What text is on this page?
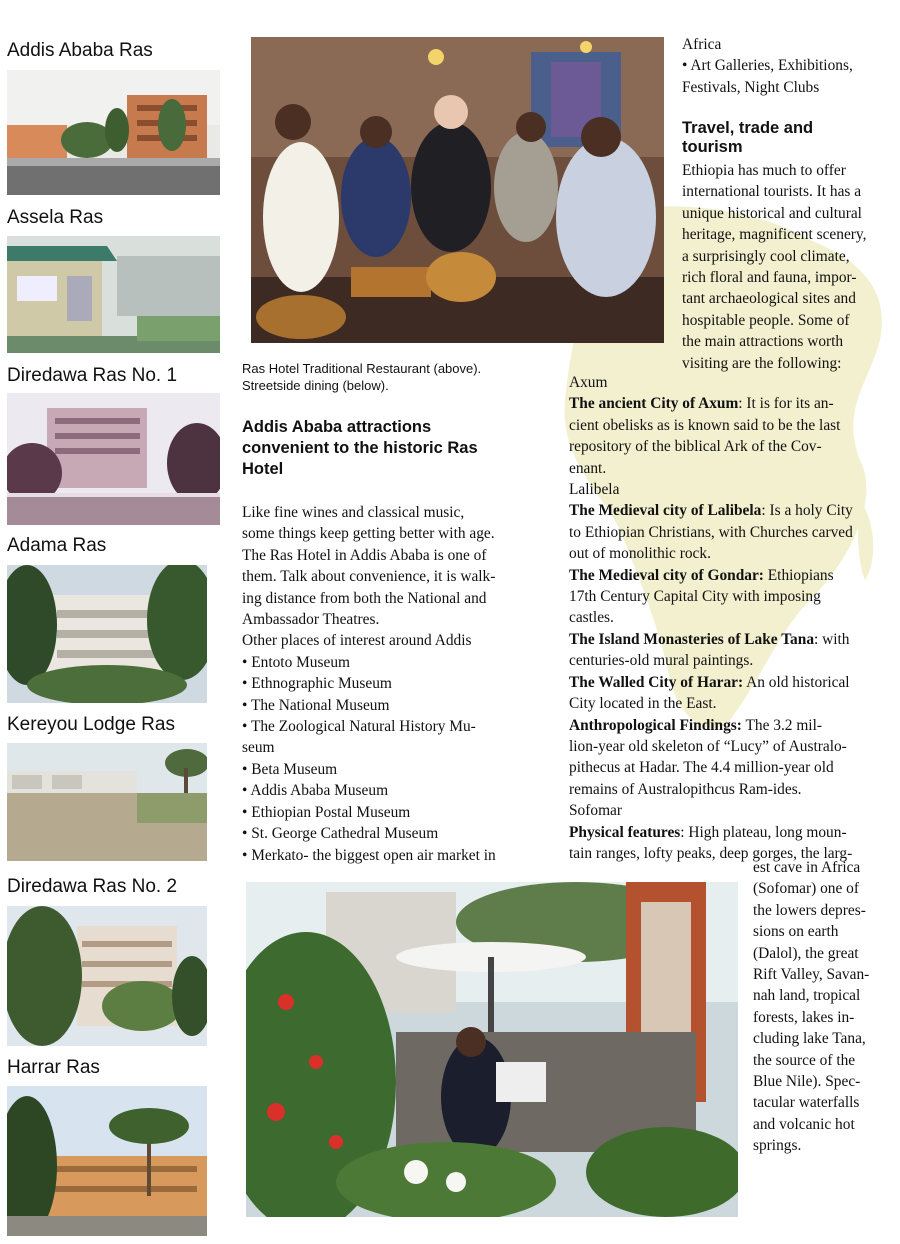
Addis Ababa Ras
Assela Ras
Diredawa Ras No. 1
Adama Ras
Kereyou Lodge Ras
Diredawa Ras No. 2
Harrar Ras
Ras Hotel Traditional Restaurant (above).
Streetside dining (below).

Africa

• Art Galleries, Exhibitions,

Festivals, Night Clubs

Travel, trade and
tourism

Ethiopia has much to offer

international tourists. It has a

unique historical and cultural

heritage, magnificent scenery,

a surprisingly cool climate,

rich floral and fauna, impor-

tant archaeological sites and

hospitable people. Some of

the main attractions worth

visiting are the following:

Addis Ababa attractions
convenient to the historic Ras
Hotel

Like fine wines and classical music,

some things keep getting better with age.

The Ras Hotel in Addis Ababa is one of

them. Talk about convenience, it is walk-

ing distance from both the National and

Ambassador Theatres.

Other places of interest around Addis

• Entoto Museum

• Ethnographic Museum

• The National Museum

• The Zoological Natural History Mu-

seum

• Beta Museum

• Addis Ababa Museum

• Ethiopian Postal Museum

• St. George Cathedral Museum

• Merkato- the biggest open air market in

Axum

The ancient City of Axum: It is for its an-

cient obelisks as is known said to be the last

repository of the biblical Ark of the Cov-

enant.

Lalibela

The Medieval city of Lalibela: Is a holy City

to Ethiopian Christians, with Churches carved

out of monolithic rock.

The Medieval city of Gondar: Ethiopians

17th Century Capital City with imposing

castles.

The Island Monasteries of Lake Tana: with

centuries-old mural paintings.

The Walled City of Harar: An old historical

City located in the East.

Anthropological Findings: The 3.2 mil-

lion-year old skeleton of “Lucy” of Australo-

pithecus at Hadar. The 4.4 million-year old

remains of Australopithcus Ram-ides.

Sofomar

Physical features: High plateau, long moun-

tain ranges, lofty peaks, deep gorges, the larg-

est cave in Africa

(Sofomar) one of

the lowers depres-

sions on earth

(Dalol), the great

Rift Valley, Savan-

nah land, tropical

forests, lakes in-

cluding lake Tana,

the source of the

Blue Nile). Spec-

tacular waterfalls

and volcanic hot

springs.
